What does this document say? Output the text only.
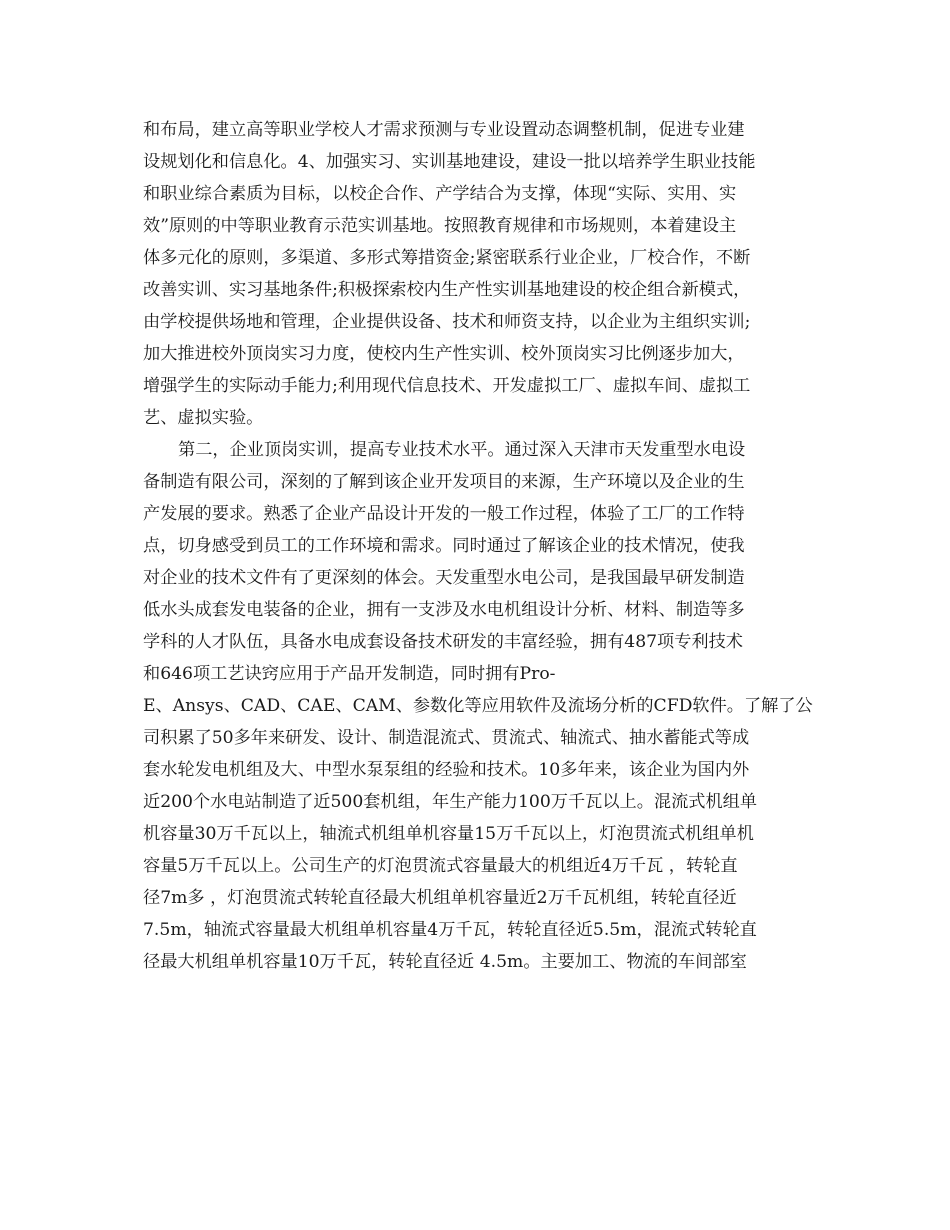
和布局，建立高等职业学校人才需求预测与专业设置动态调整机制，促进专业建
设规划化和信息化。4、加强实习、实训基地建设，建设一批以培养学生职业技能
和职业综合素质为目标，以校企合作、产学结合为支撑，体现“实际、实用、实
效”原则的中等职业教育示范实训基地。按照教育规律和市场规则，本着建设主
体多元化的原则，多渠道、多形式筹措资金;紧密联系行业企业，厂校合作，不断
改善实训、实习基地条件;积极探索校内生产性实训基地建设的校企组合新模式，
由学校提供场地和管理，企业提供设备、技术和师资支持，以企业为主组织实训;
加大推进校外顶岗实习力度，使校内生产性实训、校外顶岗实习比例逐步加大，
增强学生的实际动手能力;利用现代信息技术、开发虚拟工厂、虚拟车间、虚拟工
艺、虚拟实验。
第二，企业顶岗实训，提高专业技术水平。通过深入天津市天发重型水电设
备制造有限公司，深刻的了解到该企业开发项目的来源，生产环境以及企业的生
产发展的要求。熟悉了企业产品设计开发的一般工作过程，体验了工厂的工作特
点，切身感受到员工的工作环境和需求。同时通过了解该企业的技术情况，使我
对企业的技术文件有了更深刻的体会。天发重型水电公司，是我国最早研发制造
低水头成套发电装备的企业，拥有一支涉及水电机组设计分析、材料、制造等多
学科的人才队伍，具备水电成套设备技术研发的丰富经验，拥有487项专利技术
和646项工艺诀窍应用于产品开发制造，同时拥有Pro-
E、Ansys、CAD、CAE、CAM、参数化等应用软件及流场分析的CFD软件。了解了公
司积累了50多年来研发、设计、制造混流式、贯流式、轴流式、抽水蓄能式等成
套水轮发电机组及大、中型水泵泵组的经验和技术。10多年来，该企业为国内外
近200个水电站制造了近500套机组，年生产能力100万千瓦以上。混流式机组单
机容量30万千瓦以上，轴流式机组单机容量15万千瓦以上，灯泡贯流式机组单机
容量5万千瓦以上。公司生产的灯泡贯流式容量最大的机组近4万千瓦 ，转轮直
径7m多 ，灯泡贯流式转轮直径最大机组单机容量近2万千瓦机组，转轮直径近
7.5m，轴流式容量最大机组单机容量4万千瓦，转轮直径近5.5m，混流式转轮直
径最大机组单机容量10万千瓦，转轮直径近 4.5m。主要加工、物流的车间部室
